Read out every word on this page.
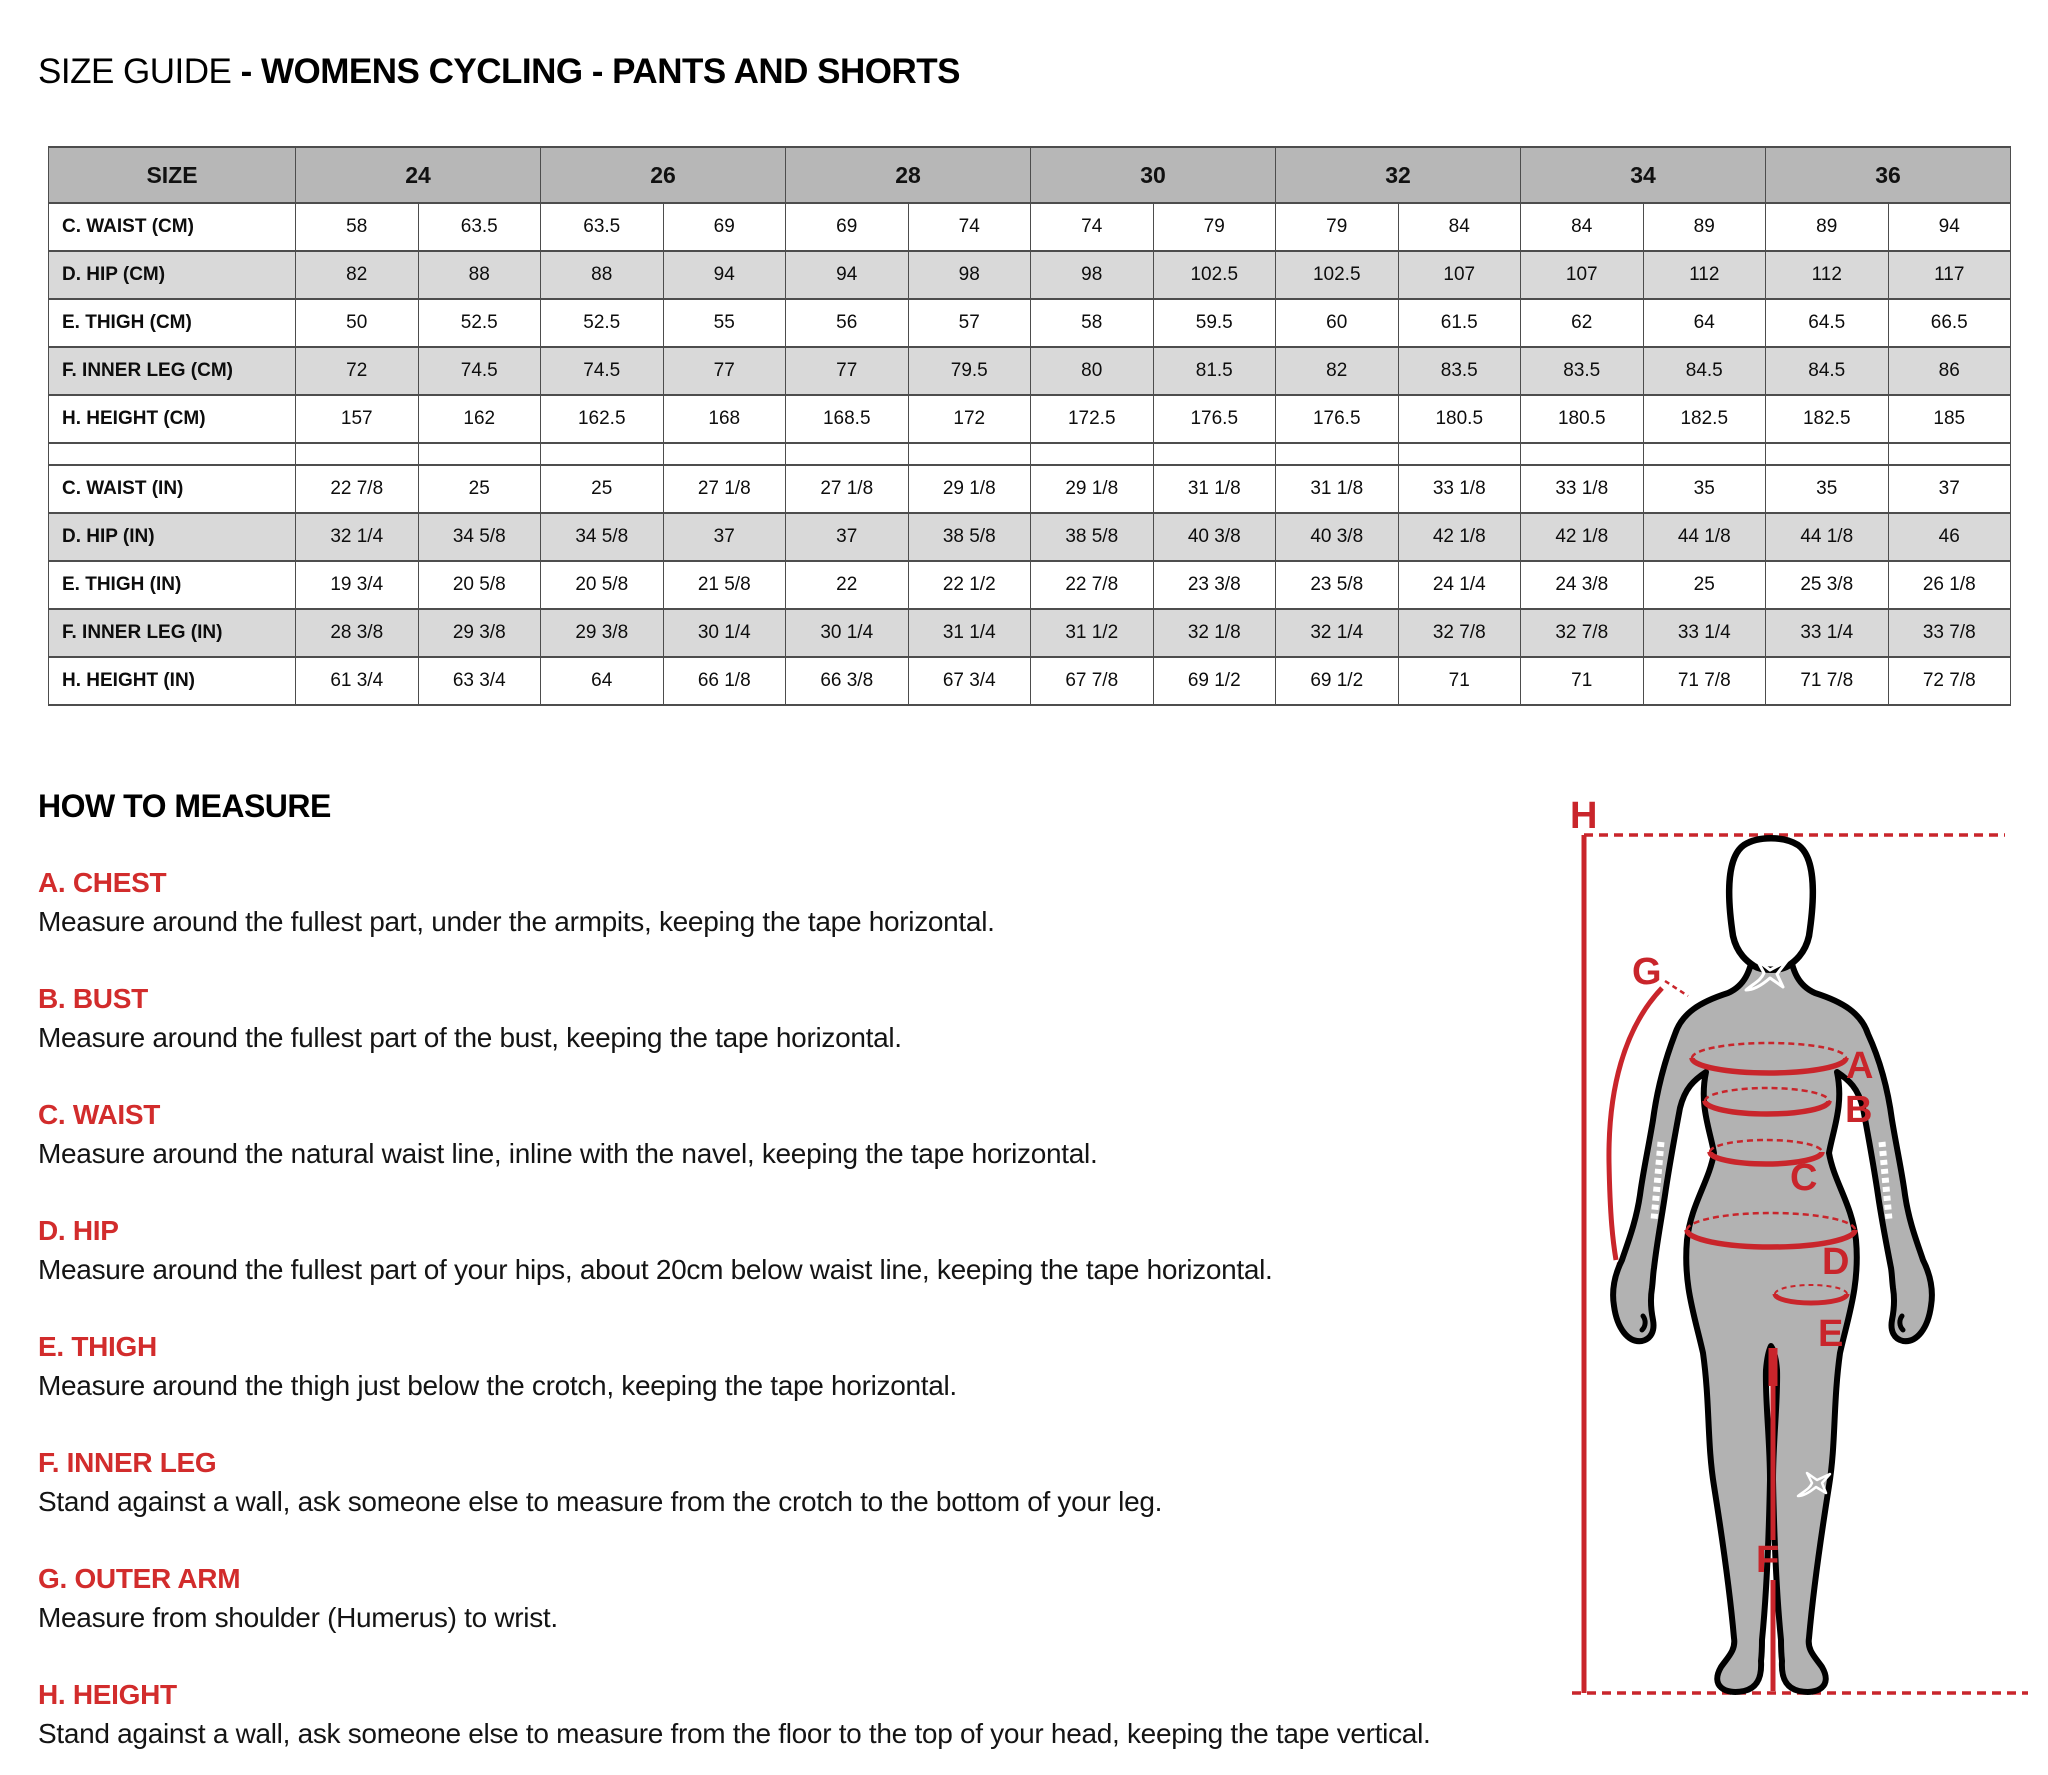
SIZE GUIDE - WOMENS CYCLING - PANTS AND SHORTS
SIZE	24		26		28		30		32		34		36	
C. WAIST (CM)	58	63.5	63.5	69	69	74	74	79	79	84	84	89	89	94
D. HIP (CM)	82	88	88	94	94	98	98	102.5	102.5	107	107	112	112	117
E. THIGH (CM)	50	52.5	52.5	55	56	57	58	59.5	60	61.5	62	64	64.5	66.5
F. INNER LEG (CM)	72	74.5	74.5	77	77	79.5	80	81.5	82	83.5	83.5	84.5	84.5	86
H. HEIGHT (CM)	157	162	162.5	168	168.5	172	172.5	176.5	176.5	180.5	180.5	182.5	182.5	185

C. WAIST (IN)	22 7/8	25	25	27 1/8	27 1/8	29 1/8	29 1/8	31 1/8	31 1/8	33 1/8	33 1/8	35	35	37
D. HIP (IN)	32 1/4	34 5/8	34 5/8	37	37	38 5/8	38 5/8	40 3/8	40 3/8	42 1/8	42 1/8	44 1/8	44 1/8	46
E. THIGH (IN)	19 3/4	20 5/8	20 5/8	21 5/8	22	22 1/2	22 7/8	23 3/8	23 5/8	24 1/4	24 3/8	25	25 3/8	26 1/8
F. INNER LEG (IN)	28 3/8	29 3/8	29 3/8	30 1/4	30 1/4	31 1/4	31 1/2	32 1/8	32 1/4	32 7/8	32 7/8	33 1/4	33 1/4	33 7/8
H. HEIGHT (IN)	61 3/4	63 3/4	64	66 1/8	66 3/8	67 3/4	67 7/8	69 1/2	69 1/2	71	71	71 7/8	71 7/8	72 7/8
HOW TO MEASURE
A. CHEST
Measure around the fullest part, under the armpits, keeping the tape horizontal.
B. BUST
Measure around the fullest part of the bust, keeping the tape horizontal.
C. WAIST
Measure around the natural waist line, inline with the navel, keeping the tape horizontal.
D. HIP
Measure around the fullest part of your hips, about 20cm below waist line, keeping the tape horizontal.
E. THIGH
Measure around the thigh just below the crotch, keeping the tape horizontal.
F. INNER LEG
Stand against a wall, ask someone else to measure from the crotch to the bottom of your leg.
G. OUTER ARM
Measure from shoulder (Humerus) to wrist.
H. HEIGHT
Stand against a wall, ask someone else to measure from the floor to the top of your head, keeping the tape vertical.
H
G
A
B
C
D
E
F
